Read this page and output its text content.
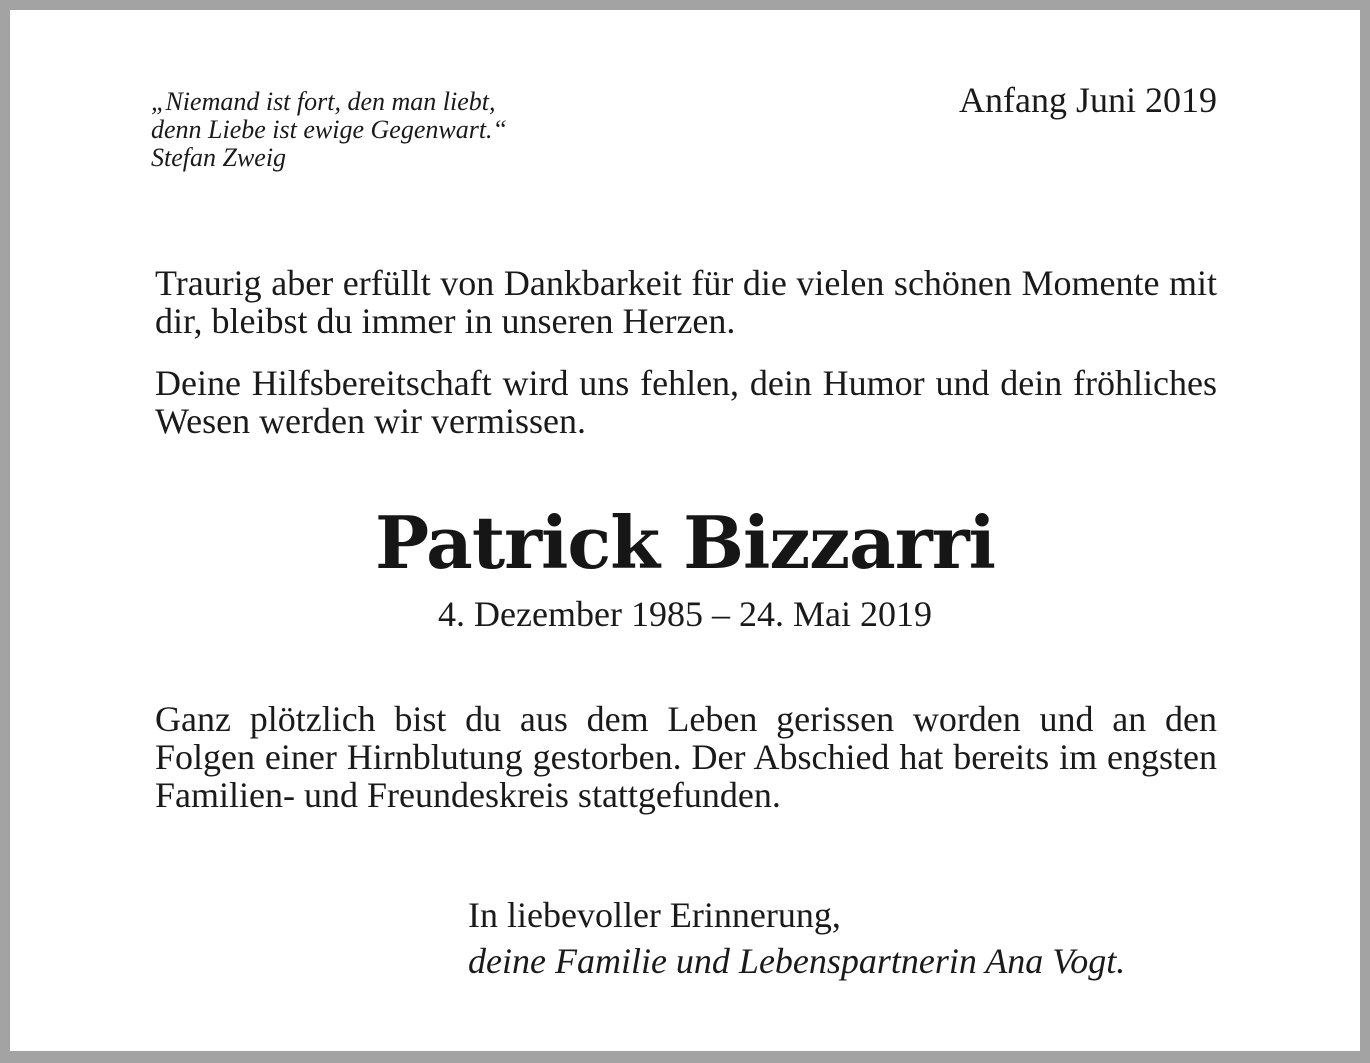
„Niemand ist fort, den man liebt,
denn Liebe ist ewige Gegenwart.“
Stefan Zweig
Anfang Juni 2019

Traurig aber erfüllt von Dankbarkeit für die vielen schönen Momente mit dir, bleibst du immer in unseren Herzen.

Deine Hilfsbereitschaft wird uns fehlen, dein Humor und dein fröhliches Wesen werden wir vermissen.

Patrick Bizzarri
4. Dezember 1985 – 24. Mai 2019

Ganz plötzlich bist du aus dem Leben gerissen worden und an den Folgen einer Hirnblutung gestorben. Der Abschied hat bereits im engsten Familien- und Freundeskreis stattgefunden.

In liebevoller Erinnerung,
deine Familie und Lebenspartnerin Ana Vogt.
